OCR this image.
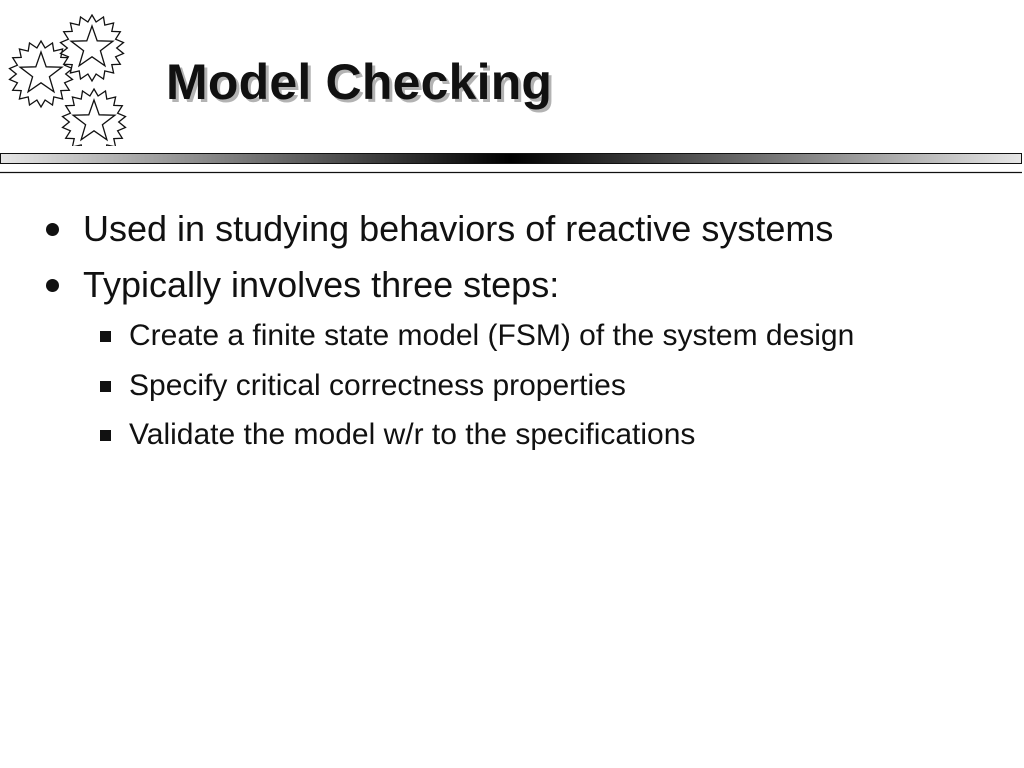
Model Checking
Used in studying behaviors of reactive systems
Typically involves three steps:
Create a finite state model (FSM) of the system design
Specify critical correctness properties
Validate the model w/r to the specifications
